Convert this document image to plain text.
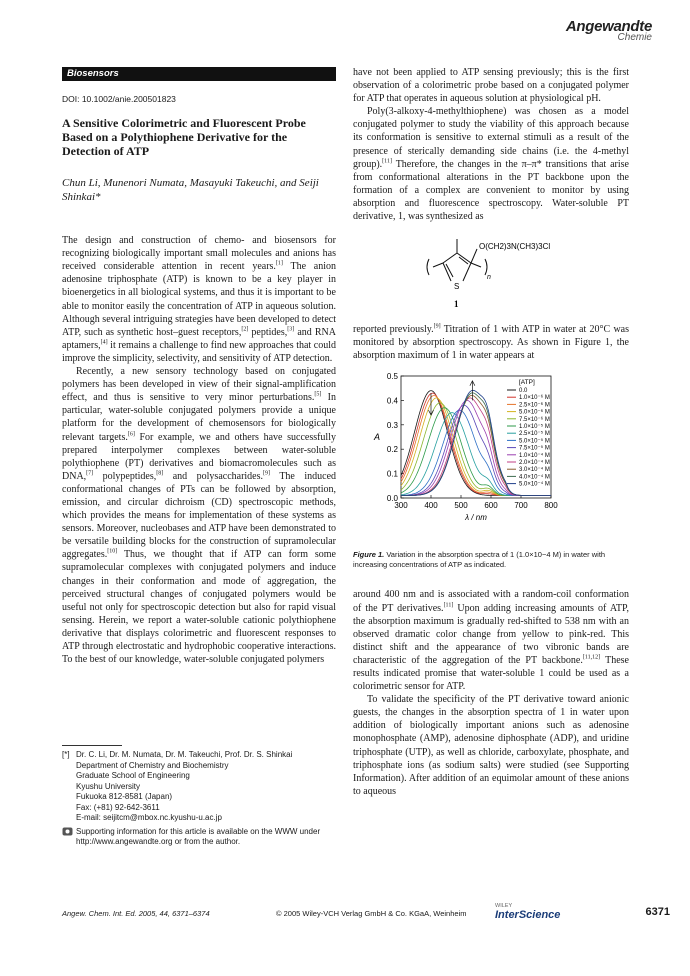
Angewandte
Chemie
Biosensors
DOI: 10.1002/anie.200501823
A Sensitive Colorimetric and Fluorescent Probe Based on a Polythiophene Derivative for the Detection of ATP
Chun Li, Munenori Numata, Masayuki Takeuchi, and Seiji Shinkai*

The design and construction of chemo- and biosensors for recognizing biologically important small molecules and anions has received considerable attention in recent years.[1] The anion adenosine triphosphate (ATP) is known to be a key player in bioenergetics in all biological systems, and thus it is important to be able to monitor easily the concentration of ATP in aqueous solution. Although several intriguing strategies have been developed to detect ATP, such as synthetic host–guest receptors,[2] peptides,[3] and RNA aptamers,[4] it remains a challenge to find new approaches that could improve the simplicity, selectivity, and sensitivity of ATP detection.

Recently, a new sensory technology based on conjugated polymers has been developed in view of their signal-amplification effect, and thus is sensitive to very minor perturbations.[5] In particular, water-soluble conjugated polymers provide a unique platform for the development of chemosensors for biologically relevant targets.[6] For example, we and others have successfully prepared interpolymer complexes between water-soluble polythiophene (PT) derivatives and biomacromolecules such as DNA,[7] polypeptides,[8] and polysaccharides.[9] The induced conformational changes of PTs can be followed by absorption, emission, and circular dichroism (CD) spectroscopic methods, which provides the means for implementation of these systems as sensors. Moreover, nucleobases and ATP have been demonstrated to be versatile building blocks for the construction of supramolecular aggregates.[10] Thus, we thought that if ATP can form some supramolecular complexes with conjugated polymers and induce changes in their conformation and mode of aggregation, the perceived structural changes of conjugated polymers would be useful not only for spectroscopic detection but also for rapid visual sensing. Herein, we report a water-soluble cationic polythiophene derivative that displays colorimetric and fluorescent responses to ATP through electrostatic and hydrophobic cooperative interactions. To the best of our knowledge, water-soluble conjugated polymers

have not been applied to ATP sensing previously; this is the first observation of a colorimetric probe based on a conjugated polymer for ATP that operates in aqueous solution at physiological pH.

Poly(3-alkoxy-4-methylthiophene) was chosen as a model conjugated polymer to study the viability of this approach because its conformation is sensitive to external stimuli as a result of the presence of sterically demanding side chains (i.e. the 4-methyl group).[11] Therefore, the changes in the π–π* transitions that arise from conformational alterations in the PT backbone upon the formation of a complex are convenient to monitor by using absorption and fluorescence spectroscopy. Water-soluble PT derivative, 1, was synthesized as

S
O(CH2)3N(CH3)3Cl
n
1

reported previously.[9] Titration of 1 with ATP in water at 20°C was monitored by absorption spectroscopy. As shown in Figure 1, the absorption maximum of 1 in water appears at

300 400 500 600 700 800
0.0
0.1
0.2
0.3
0.4
0.5
λ / nm
A
[ATP]
0.0
1.0×10⁻⁶ M
2.5×10⁻⁶ M
5.0×10⁻⁶ M
7.5×10⁻⁶ M
1.0×10⁻⁵ M
2.5×10⁻⁵ M
5.0×10⁻⁵ M
7.5×10⁻⁵ M
1.0×10⁻⁴ M
2.0×10⁻⁴ M
3.0×10⁻⁴ M
4.0×10⁻⁴ M
5.0×10⁻⁴ M
Figure 1. Variation in the absorption spectra of 1 (1.0×10−4 M) in water with increasing concentrations of ATP as indicated.

around 400 nm and is associated with a random-coil conformation of the PT derivatives.[11] Upon adding increasing amounts of ATP, the absorption maximum is gradually red-shifted to 538 nm with an observed dramatic color change from yellow to pink-red. This distinct shift and the appearance of two vibronic bands are characteristic of the aggregation of the PT backbone.[11,12] These results indicated promise that water-soluble 1 could be used as a colorimetric sensor for ATP.

To validate the specificity of the PT derivative toward anionic guests, the changes in the absorption spectra of 1 in water upon addition of biologically important anions such as adenosine monophosphate (AMP), adenosine diphosphate (ADP), and uridine triphosphate (UTP), as well as chloride, carboxylate, phosphate, and triphosphate ions (as sodium salts) were studied (see Supporting Information). After addition of an equimolar amount of these anions to aqueous

[*] Dr. C. Li, Dr. M. Numata, Dr. M. Takeuchi, Prof. Dr. S. Shinkai
Department of Chemistry and Biochemistry
Graduate School of Engineering
Kyushu University
Fukuoka 812-8581 (Japan)
Fax: (+81) 92-642-3611
E-mail: seijitcm@mbox.nc.kyushu-u.ac.jp
Supporting information for this article is available on the WWW under http://www.angewandte.org or from the author.
Angew. Chem. Int. Ed. 2005, 44, 6371–6374	© 2005 Wiley-VCH Verlag GmbH & Co. KGaA, Weinheim
WILEY
InterScience	6371
